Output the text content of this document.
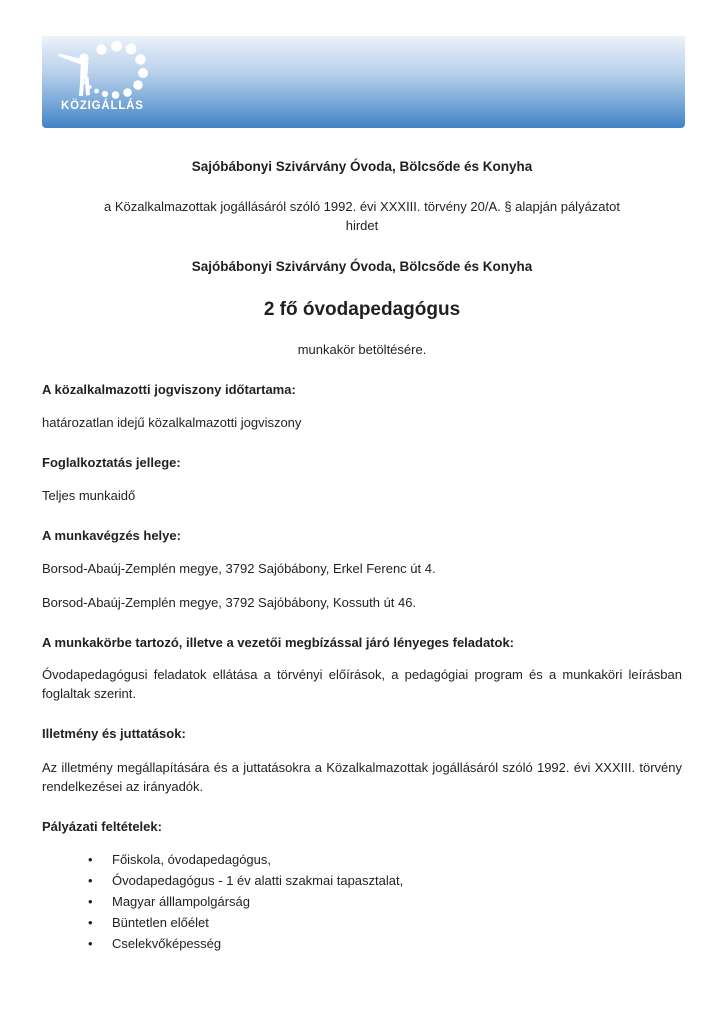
KÖZIGÁLLÁS
Sajóbábonyi Szivárvány Óvoda, Bölcsőde és Konyha
a Közalkalmazottak jogállásáról szóló 1992. évi XXXIII. törvény 20/A. § alapján pályázatot hirdet
Sajóbábonyi Szivárvány Óvoda, Bölcsőde és Konyha
2 fő óvodapedagógus
munkakör betöltésére.
A közalkalmazotti jogviszony időtartama:
határozatlan idejű közalkalmazotti jogviszony
Foglalkoztatás jellege:
Teljes munkaidő
A munkavégzés helye:
Borsod-Abaúj-Zemplén megye, 3792 Sajóbábony, Erkel Ferenc út 4.
Borsod-Abaúj-Zemplén megye, 3792 Sajóbábony, Kossuth út 46.
A munkakörbe tartozó, illetve a vezetői megbízással járó lényeges feladatok:
Óvodapedagógusi feladatok ellátása a törvényi előírások, a pedagógiai program és a munkaköri leírásban foglaltak szerint.
Illetmény és juttatások:
Az illetmény megállapítására és a juttatásokra a Közalkalmazottak jogállásáról szóló 1992. évi XXXIII. törvény rendelkezései az irányadók.
Pályázati feltételek:
• Főiskola, óvodapedagógus,
• Óvodapedagógus - 1 év alatti szakmai tapasztalat,
• Magyar álllampolgárság
• Büntetlen előélet
• Cselekvőképesség
